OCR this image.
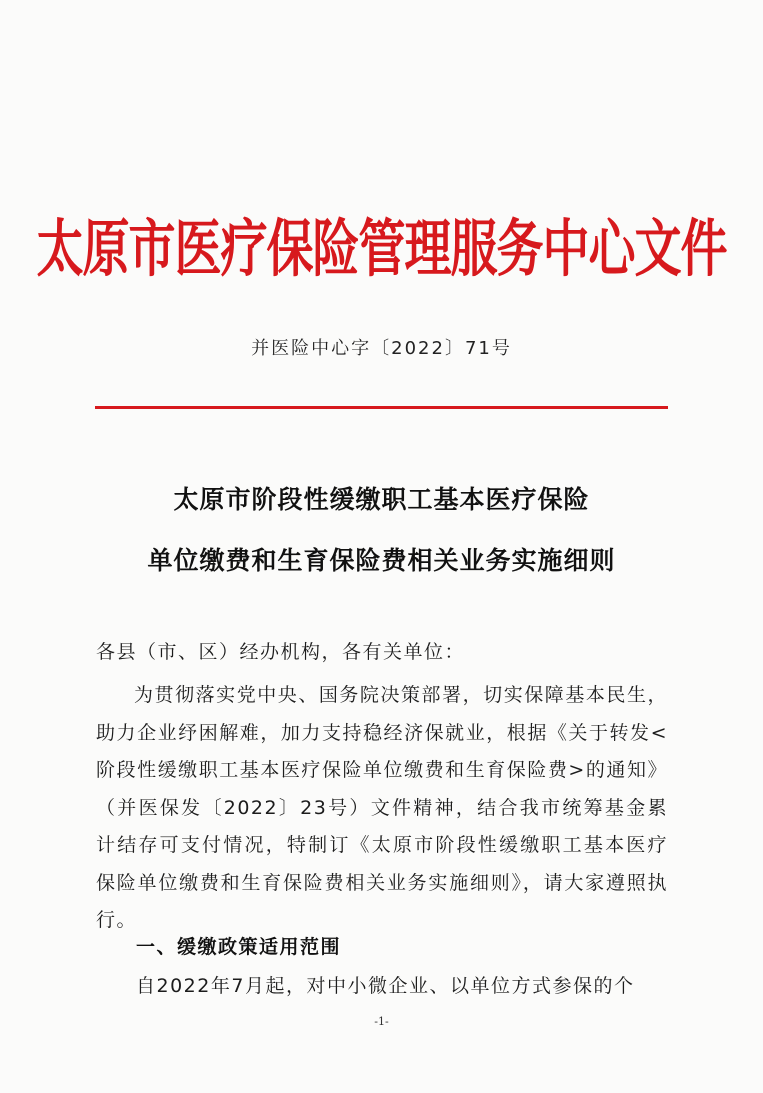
太原市医疗保险管理服务中心文件
并医险中心字〔2022〕71号
太原市阶段性缓缴职工基本医疗保险
单位缴费和生育保险费相关业务实施细则
各县（市、区）经办机构，各有关单位：
为贯彻落实党中央、国务院决策部署，切实保障基本民生，助力企业纾困解难，加力支持稳经济保就业，根据《关于转发<阶段性缓缴职工基本医疗保险单位缴费和生育保险费>的通知》（并医保发〔2022〕23号）文件精神，结合我市统筹基金累计结存可支付情况，特制订《太原市阶段性缓缴职工基本医疗保险单位缴费和生育保险费相关业务实施细则》，请大家遵照执行。
一、缓缴政策适用范围
自2022年7月起，对中小微企业、以单位方式参保的个
-1-
